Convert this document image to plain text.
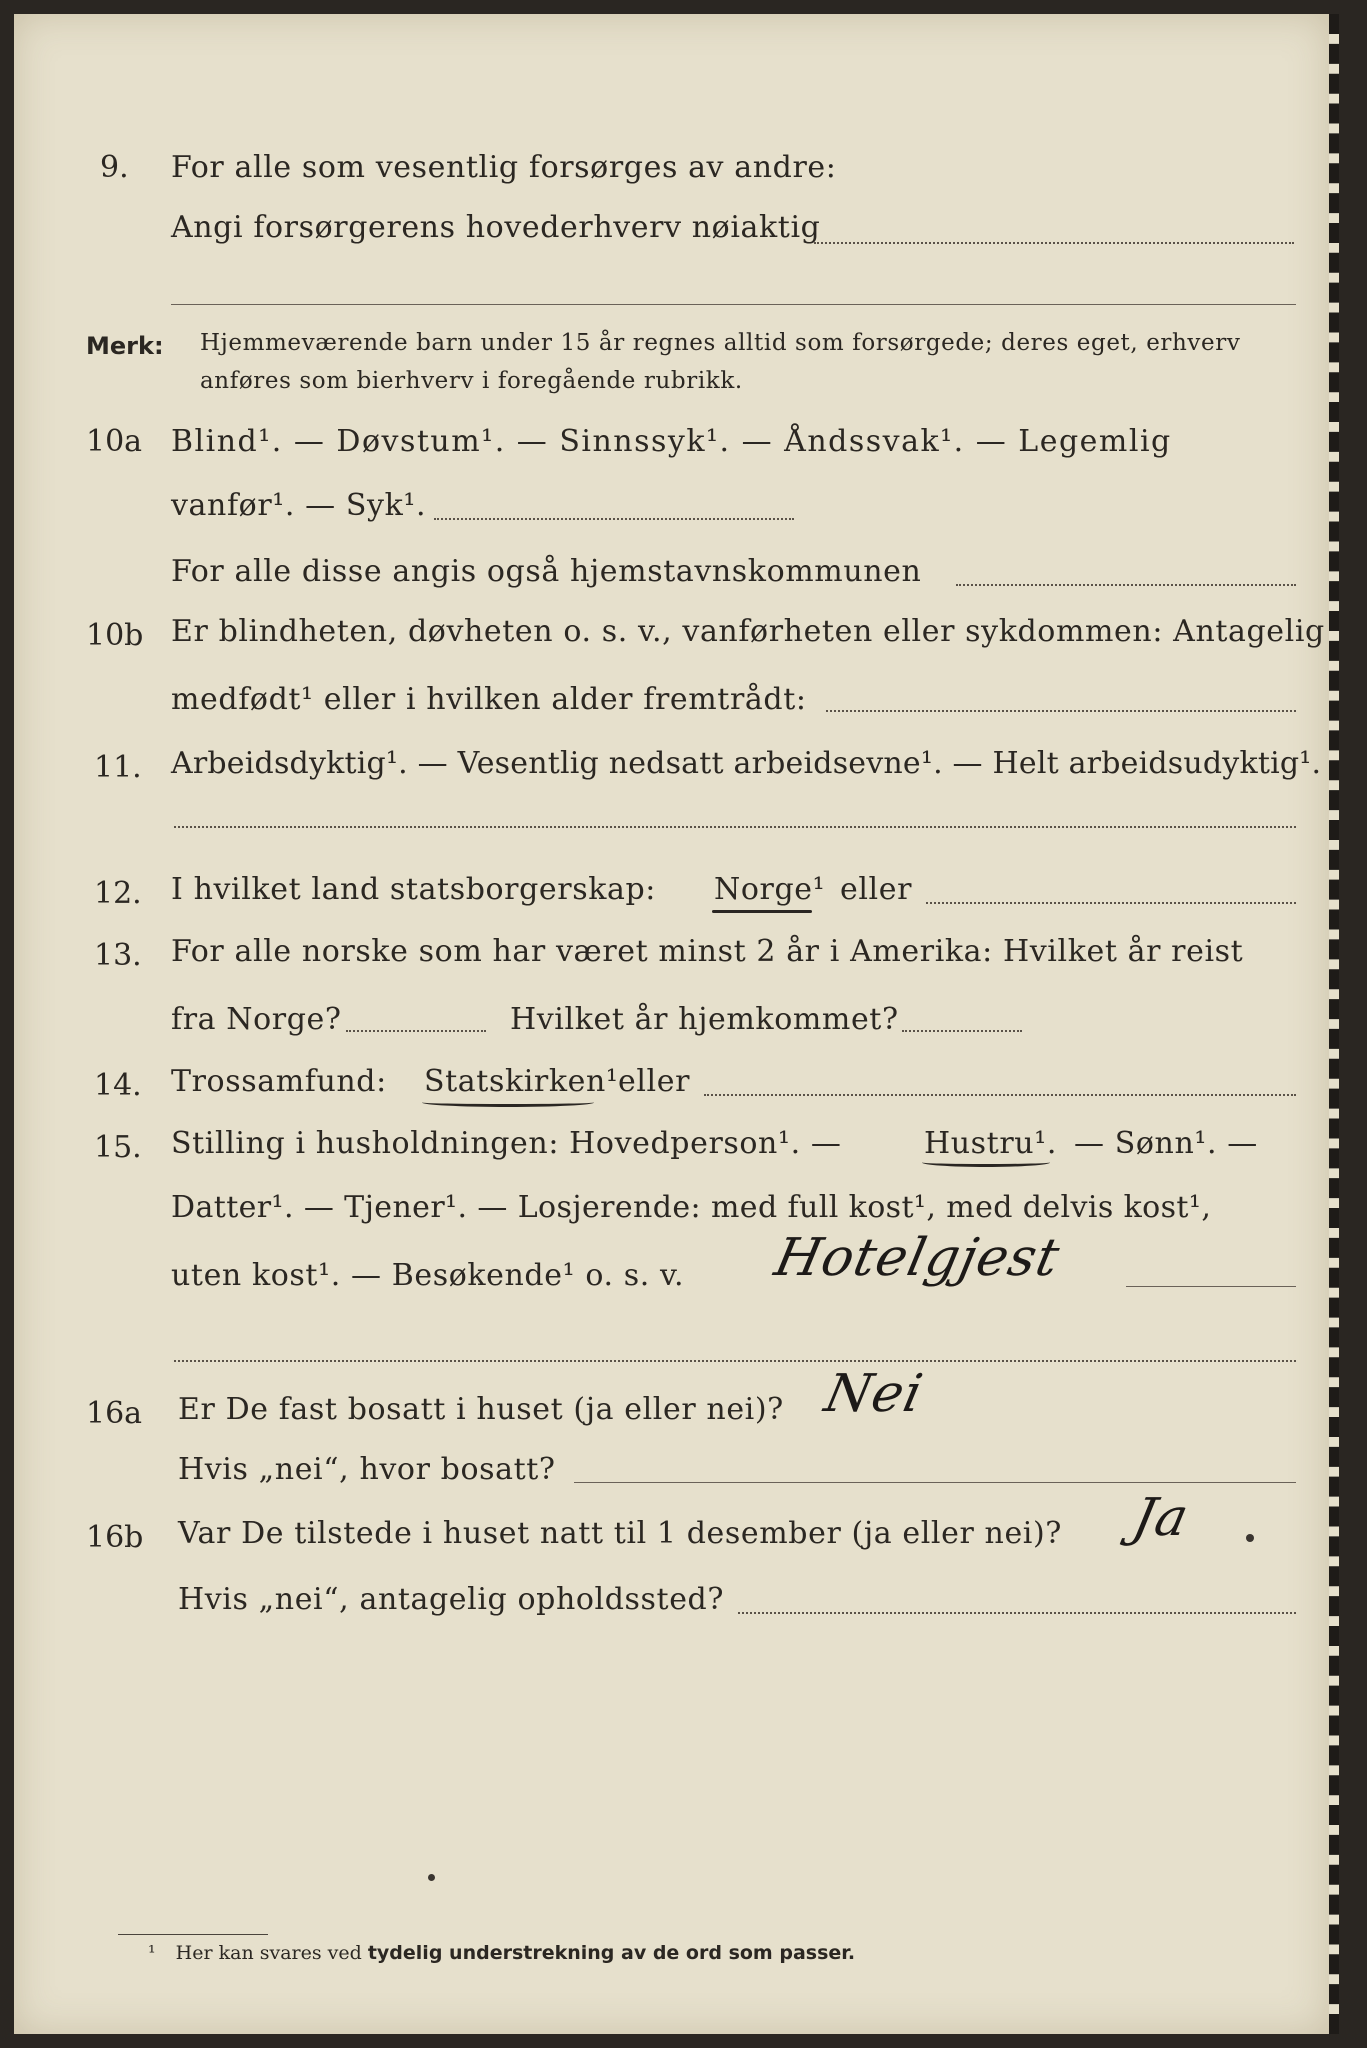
9. For alle som vesentlig forsørges av andre:
Angi forsørgerens hovederhverv nøiaktig
Merk: Hjemmeværende barn under 15 år regnes alltid som forsørgede; deres eget, erhverv
anføres som bierhverv i foregående rubrikk.
10a Blind¹. — Døvstum¹. — Sinnssyk¹. — Åndssvak¹. — Legemlig
vanfør¹. — Syk¹.
For alle disse angis også hjemstavnskommunen
10b Er blindheten, døvheten o. s. v., vanførheten eller sykdommen: Antagelig
medfødt¹ eller i hvilken alder fremtrådt:
11. Arbeidsdyktig¹. — Vesentlig nedsatt arbeidsevne¹. — Helt arbeidsudyktig¹.
12. I hvilket land statsborgerskap: Norge¹ eller
13. For alle norske som har været minst 2 år i Amerika: Hvilket år reist
fra Norge?	Hvilket år hjemkommet?
14. Trossamfund: Statskirken¹ eller
15. Stilling i husholdningen: Hovedperson¹. —	Hustru¹. — Sønn¹. —
Datter¹. — Tjener¹. — Losjerende: med full kost¹, med delvis kost¹,
uten kost¹. — Besøkende¹ o. s. v. Hotelgjest
16a Er De fast bosatt i huset (ja eller nei)? Nei
Hvis „nei“, hvor bosatt?
16b Var De tilstede i huset natt til 1 desember (ja eller nei)? Ja
Hvis „nei“, antagelig opholdssted?
¹ Her kan svares ved tydelig understrekning av de ord som passer.
